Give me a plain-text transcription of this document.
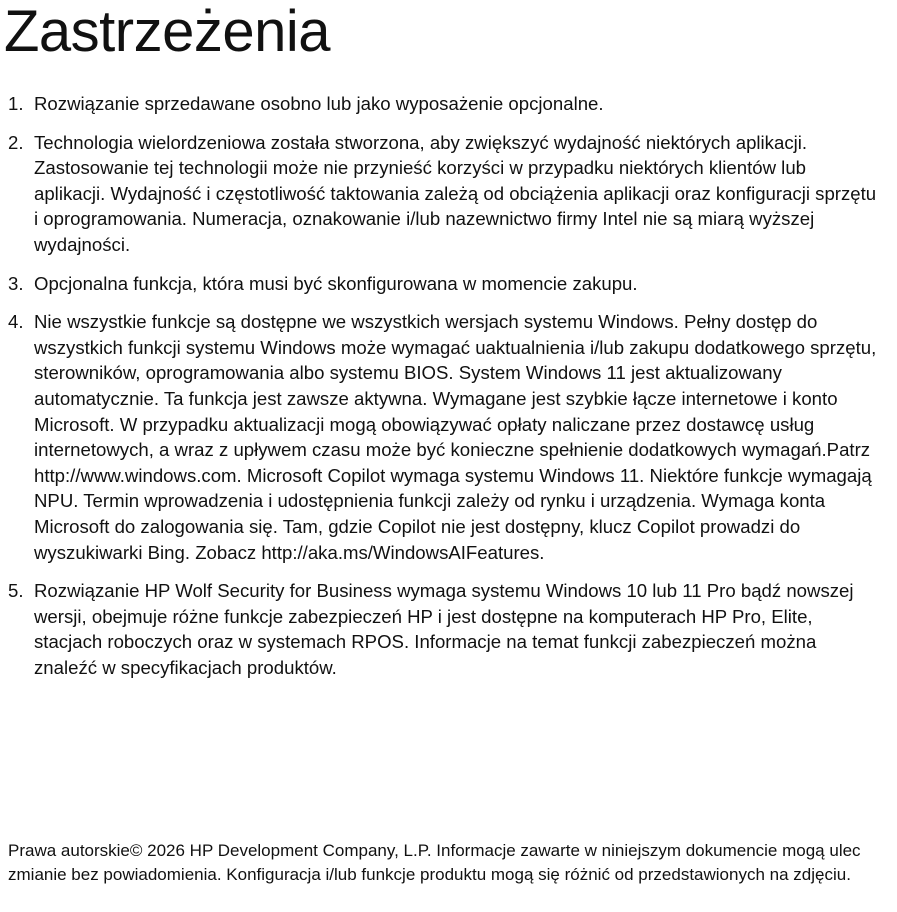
Zastrzeżenia
1. Rozwiązanie sprzedawane osobno lub jako wyposażenie opcjonalne.
2. Technologia wielordzeniowa została stworzona, aby zwiększyć wydajność niektórych aplikacji. Zastosowanie tej technologii może nie przynieść korzyści w przypadku niektórych klientów lub aplikacji. Wydajność i częstotliwość taktowania zależą od obciążenia aplikacji oraz konfiguracji sprzętu i oprogramowania. Numeracja, oznakowanie i/lub nazewnictwo firmy Intel nie są miarą wyższej wydajności.
3. Opcjonalna funkcja, która musi być skonfigurowana w momencie zakupu.
4. Nie wszystkie funkcje są dostępne we wszystkich wersjach systemu Windows. Pełny dostęp do wszystkich funkcji systemu Windows może wymagać uaktualnienia i/lub zakupu dodatkowego sprzętu, sterowników, oprogramowania albo systemu BIOS. System Windows 11 jest aktualizowany automatycznie. Ta funkcja jest zawsze aktywna. Wymagane jest szybkie łącze internetowe i konto Microsoft. W przypadku aktualizacji mogą obowiązywać opłaty naliczane przez dostawcę usług internetowych, a wraz z upływem czasu może być konieczne spełnienie dodatkowych wymagań.Patrz http://www.windows.com. Microsoft Copilot wymaga systemu Windows 11. Niektóre funkcje wymagają NPU. Termin wprowadzenia i udostępnienia funkcji zależy od rynku i urządzenia. Wymaga konta Microsoft do zalogowania się. Tam, gdzie Copilot nie jest dostępny, klucz Copilot prowadzi do wyszukiwarki Bing. Zobacz http://aka.ms/WindowsAIFeatures.
5. Rozwiązanie HP Wolf Security for Business wymaga systemu Windows 10 lub 11 Pro bądź nowszej wersji, obejmuje różne funkcje zabezpieczeń HP i jest dostępne na komputerach HP Pro, Elite, stacjach roboczych oraz w systemach RPOS. Informacje na temat funkcji zabezpieczeń można znaleźć w specyfikacjach produktów.

Prawa autorskie© 2026 HP Development Company, L.P. Informacje zawarte w niniejszym dokumencie mogą ulec zmianie bez powiadomienia. Konfiguracja i/lub funkcje produktu mogą się różnić od przedstawionych na zdjęciu.
